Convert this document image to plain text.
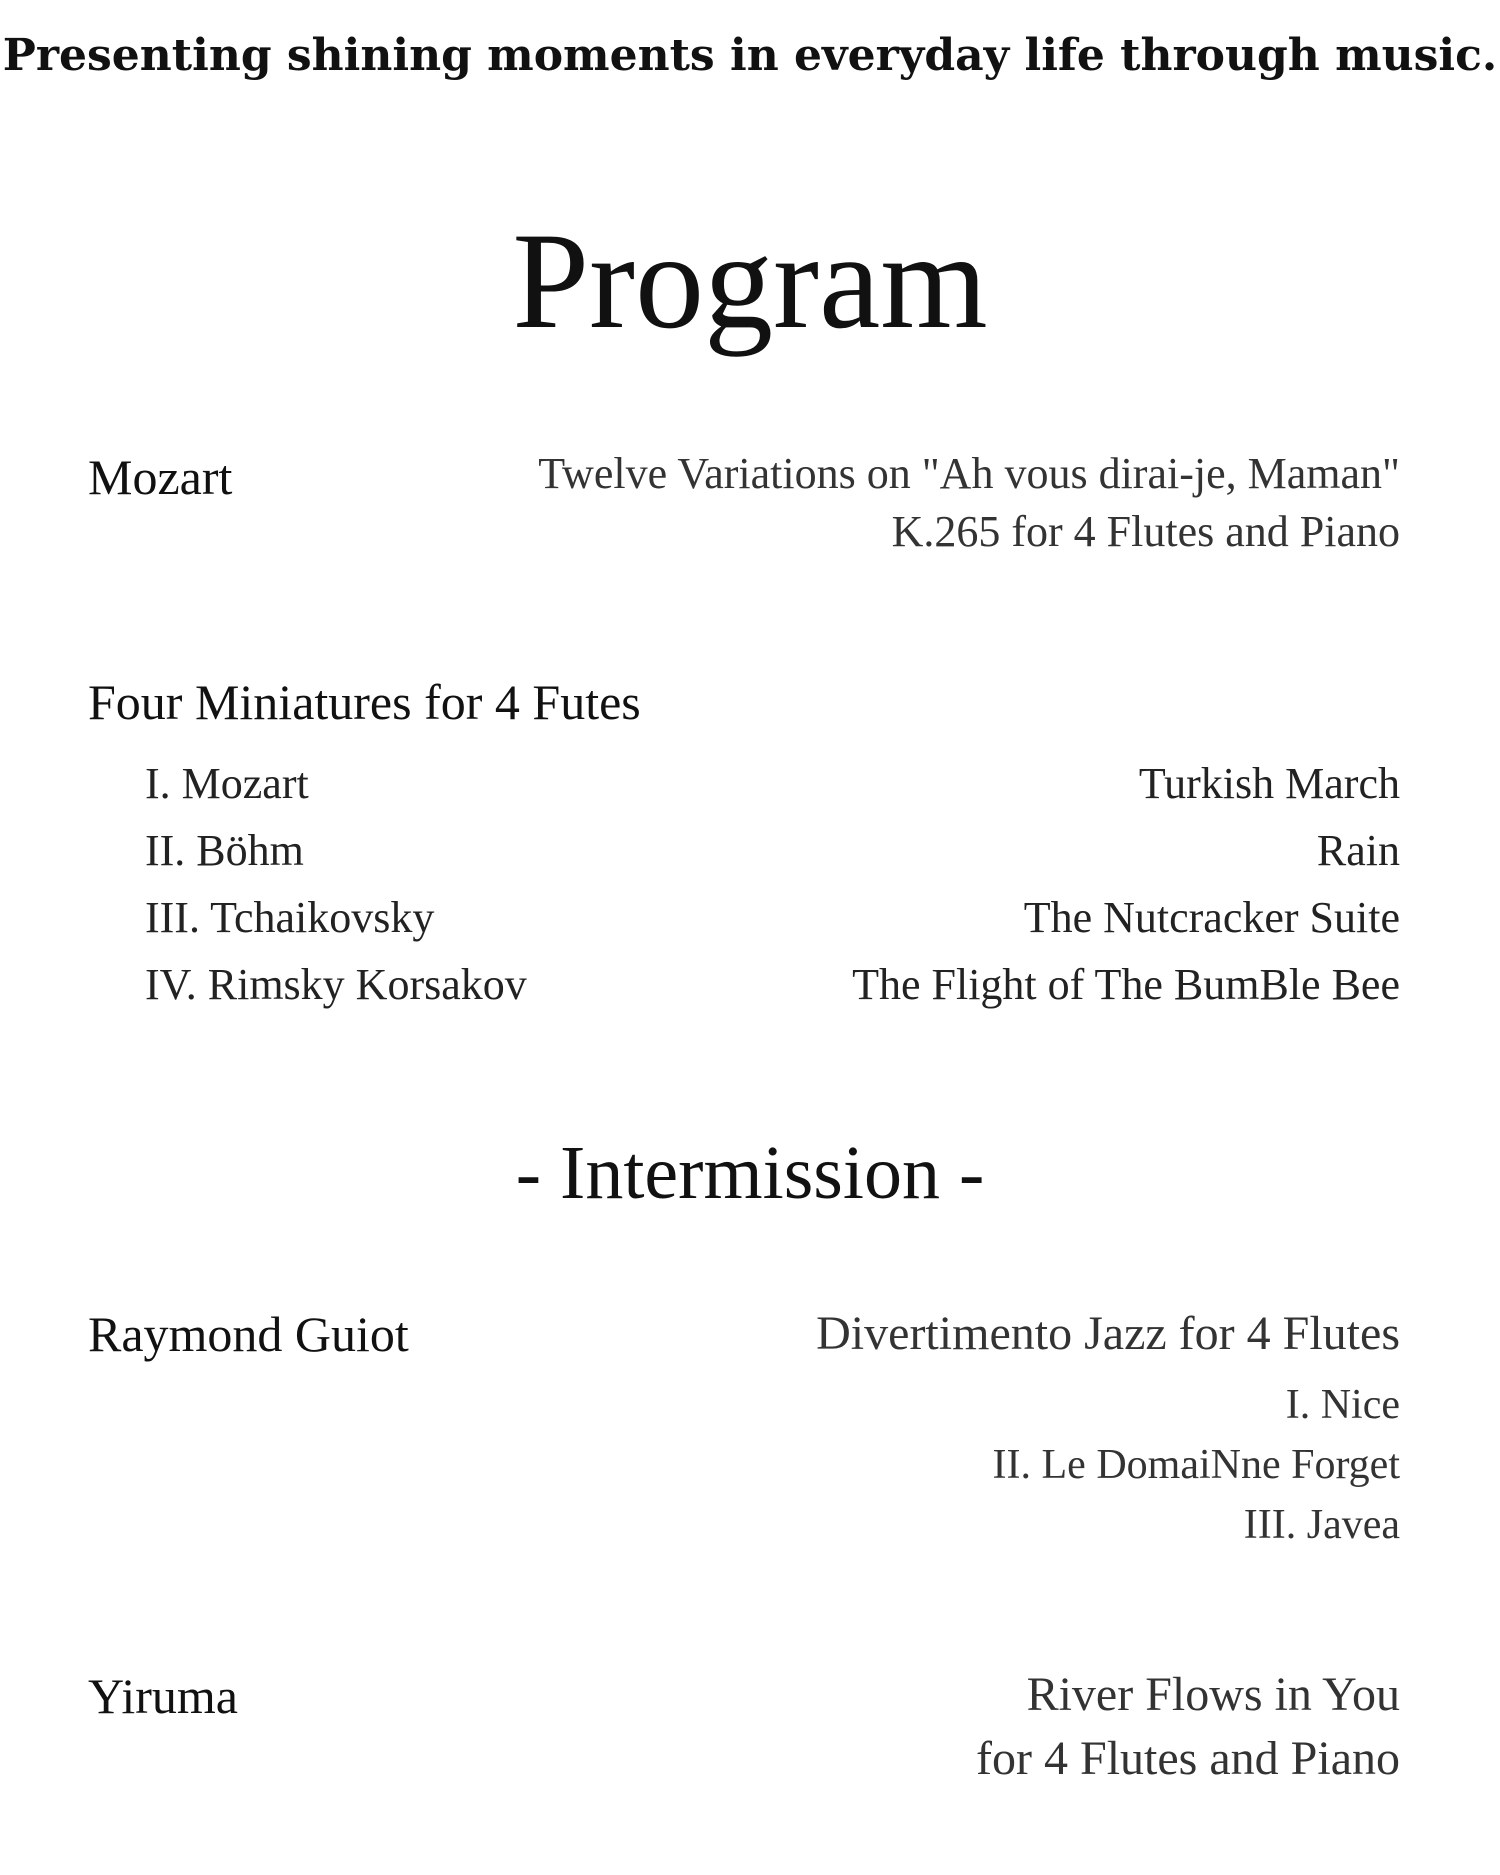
Presenting shining moments in everyday life through music.
Program
Mozart	Twelve Variations on "Ah vous dirai-je, Maman"
K.265 for 4 Flutes and Piano
Four Miniatures for 4 Futes
I. Mozart	Turkish March
II. Böhm	Rain
III. Tchaikovsky	The Nutcracker Suite
IV. Rimsky Korsakov	The Flight of The BumBle Bee
- Intermission -
Raymond Guiot	Divertimento Jazz for 4 Flutes
I. Nice
II. Le DomaiNne Forget
III. Javea
Yiruma	River Flows in You
for 4 Flutes and Piano
